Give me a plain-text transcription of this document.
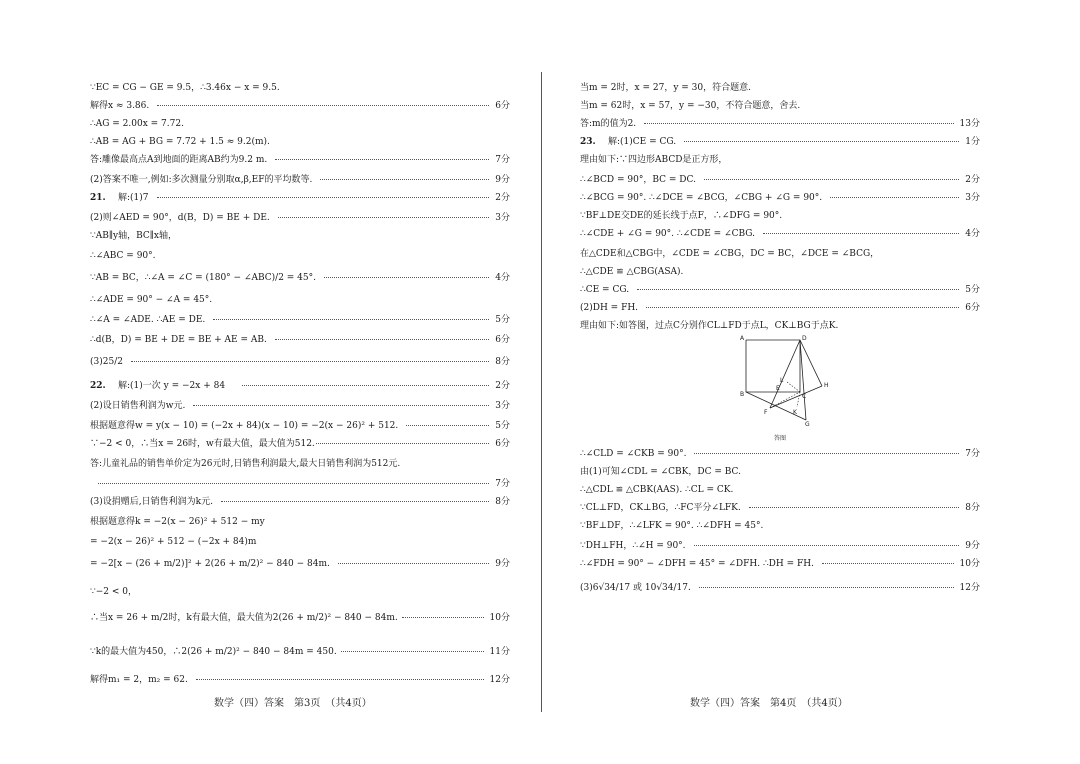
∵EC = CG − GE = 9.5，∴3.46x − x = 9.5.
解得x ≈ 3.86.	6分
∴AG = 2.00x = 7.72.
∴AB = AG + BG = 7.72 + 1.5 ≈ 9.2(m).
答:雕像最高点A到地面的距离AB约为9.2 m.	7分
(2)答案不唯一,例如:多次测量分别取α,β,EF的平均数等.	9分
21. 解:(1)7	2分
(2)则∠AED = 90°，d(B，D) = BE + DE.	3分
∵AB∥y轴，BC∥x轴，
∴∠ABC = 90°.
∵AB = BC，∴∠A = ∠C = (180° − ∠ABC)/2 = 45°.	4分
∴∠ADE = 90° − ∠A = 45°.
∴∠A = ∠ADE. ∴AE = DE.	5分
∴d(B，D) = BE + DE = BE + AE = AB.	6分
(3)25/2	8分
22. 解:(1)一次 y = −2x + 84	2分
(2)设日销售利润为w元.	3分
根据题意得w = y(x − 10) = (−2x + 84)(x − 10) = −2(x − 26)² + 512.	5分
∵−2 < 0，∴当x = 26时，w有最大值，最大值为512.	6分
答:儿童礼品的销售单价定为26元时,日销售利润最大,最大日销售利润为512元.
7分
(3)设捐赠后,日销售利润为k元.	8分
根据题意得k = −2(x − 26)² + 512 − my
= −2(x − 26)² + 512 − (−2x + 84)m
= −2[x − (26 + m/2)]² + 2(26 + m/2)² − 840 − 84m.	9分
∵−2 < 0，
∴当x = 26 + m/2时，k有最大值，最大值为2(26 + m/2)² − 840 − 84m.	10分
∵k的最大值为450，∴2(26 + m/2)² − 840 − 84m = 450.	11分
解得m₁ = 2，m₂ = 62.	12分
当m = 2时，x = 27，y = 30，符合题意.
当m = 62时，x = 57，y = −30，不符合题意，舍去.
答:m的值为2.	13分
23. 解:(1)CE = CG.	1分
理由如下:∵四边形ABCD是正方形，
∴∠BCD = 90°，BC = DC.	2分
∴∠BCG = 90°. ∴∠DCE = ∠BCG，∠CBG + ∠G = 90°.	3分
∵BF⊥DE交DE的延长线于点F，∴∠DFG = 90°.
∴∠CDE + ∠G = 90°. ∴∠CDE = ∠CBG.	4分
在△CDE和△CBG中，∠CDE = ∠CBG，DC = BC，∠DCE = ∠BCG，
∴△CDE ≌ △CBG(ASA).
∴CE = CG.	5分
(2)DH = FH.	6分
理由如下:如答图，过点C分别作CL⊥FD于点L，CK⊥BG于点K.
∴∠CLD = ∠CKB = 90°.	7分
由(1)可知∠CDL = ∠CBK，DC = BC.
∴△CDL ≌ △CBK(AAS). ∴CL = CK.
∵CL⊥FD，CK⊥BG，∴FC平分∠LFK.	8分
∵BF⊥DF，∴∠LFK = 90°. ∴∠DFH = 45°.
∵DH⊥FH，∴∠H = 90°.	9分
∴∠FDH = 90° − ∠DFH = 45° = ∠DFH. ∴DH = FH.	10分
(3)6√34/17 或 10√34/17.	12分
A	D
B	C
E
F
G
H
K
L
答图
数学（四）答案　第3页　（共4页）	数学（四）答案　第4页　（共4页）
